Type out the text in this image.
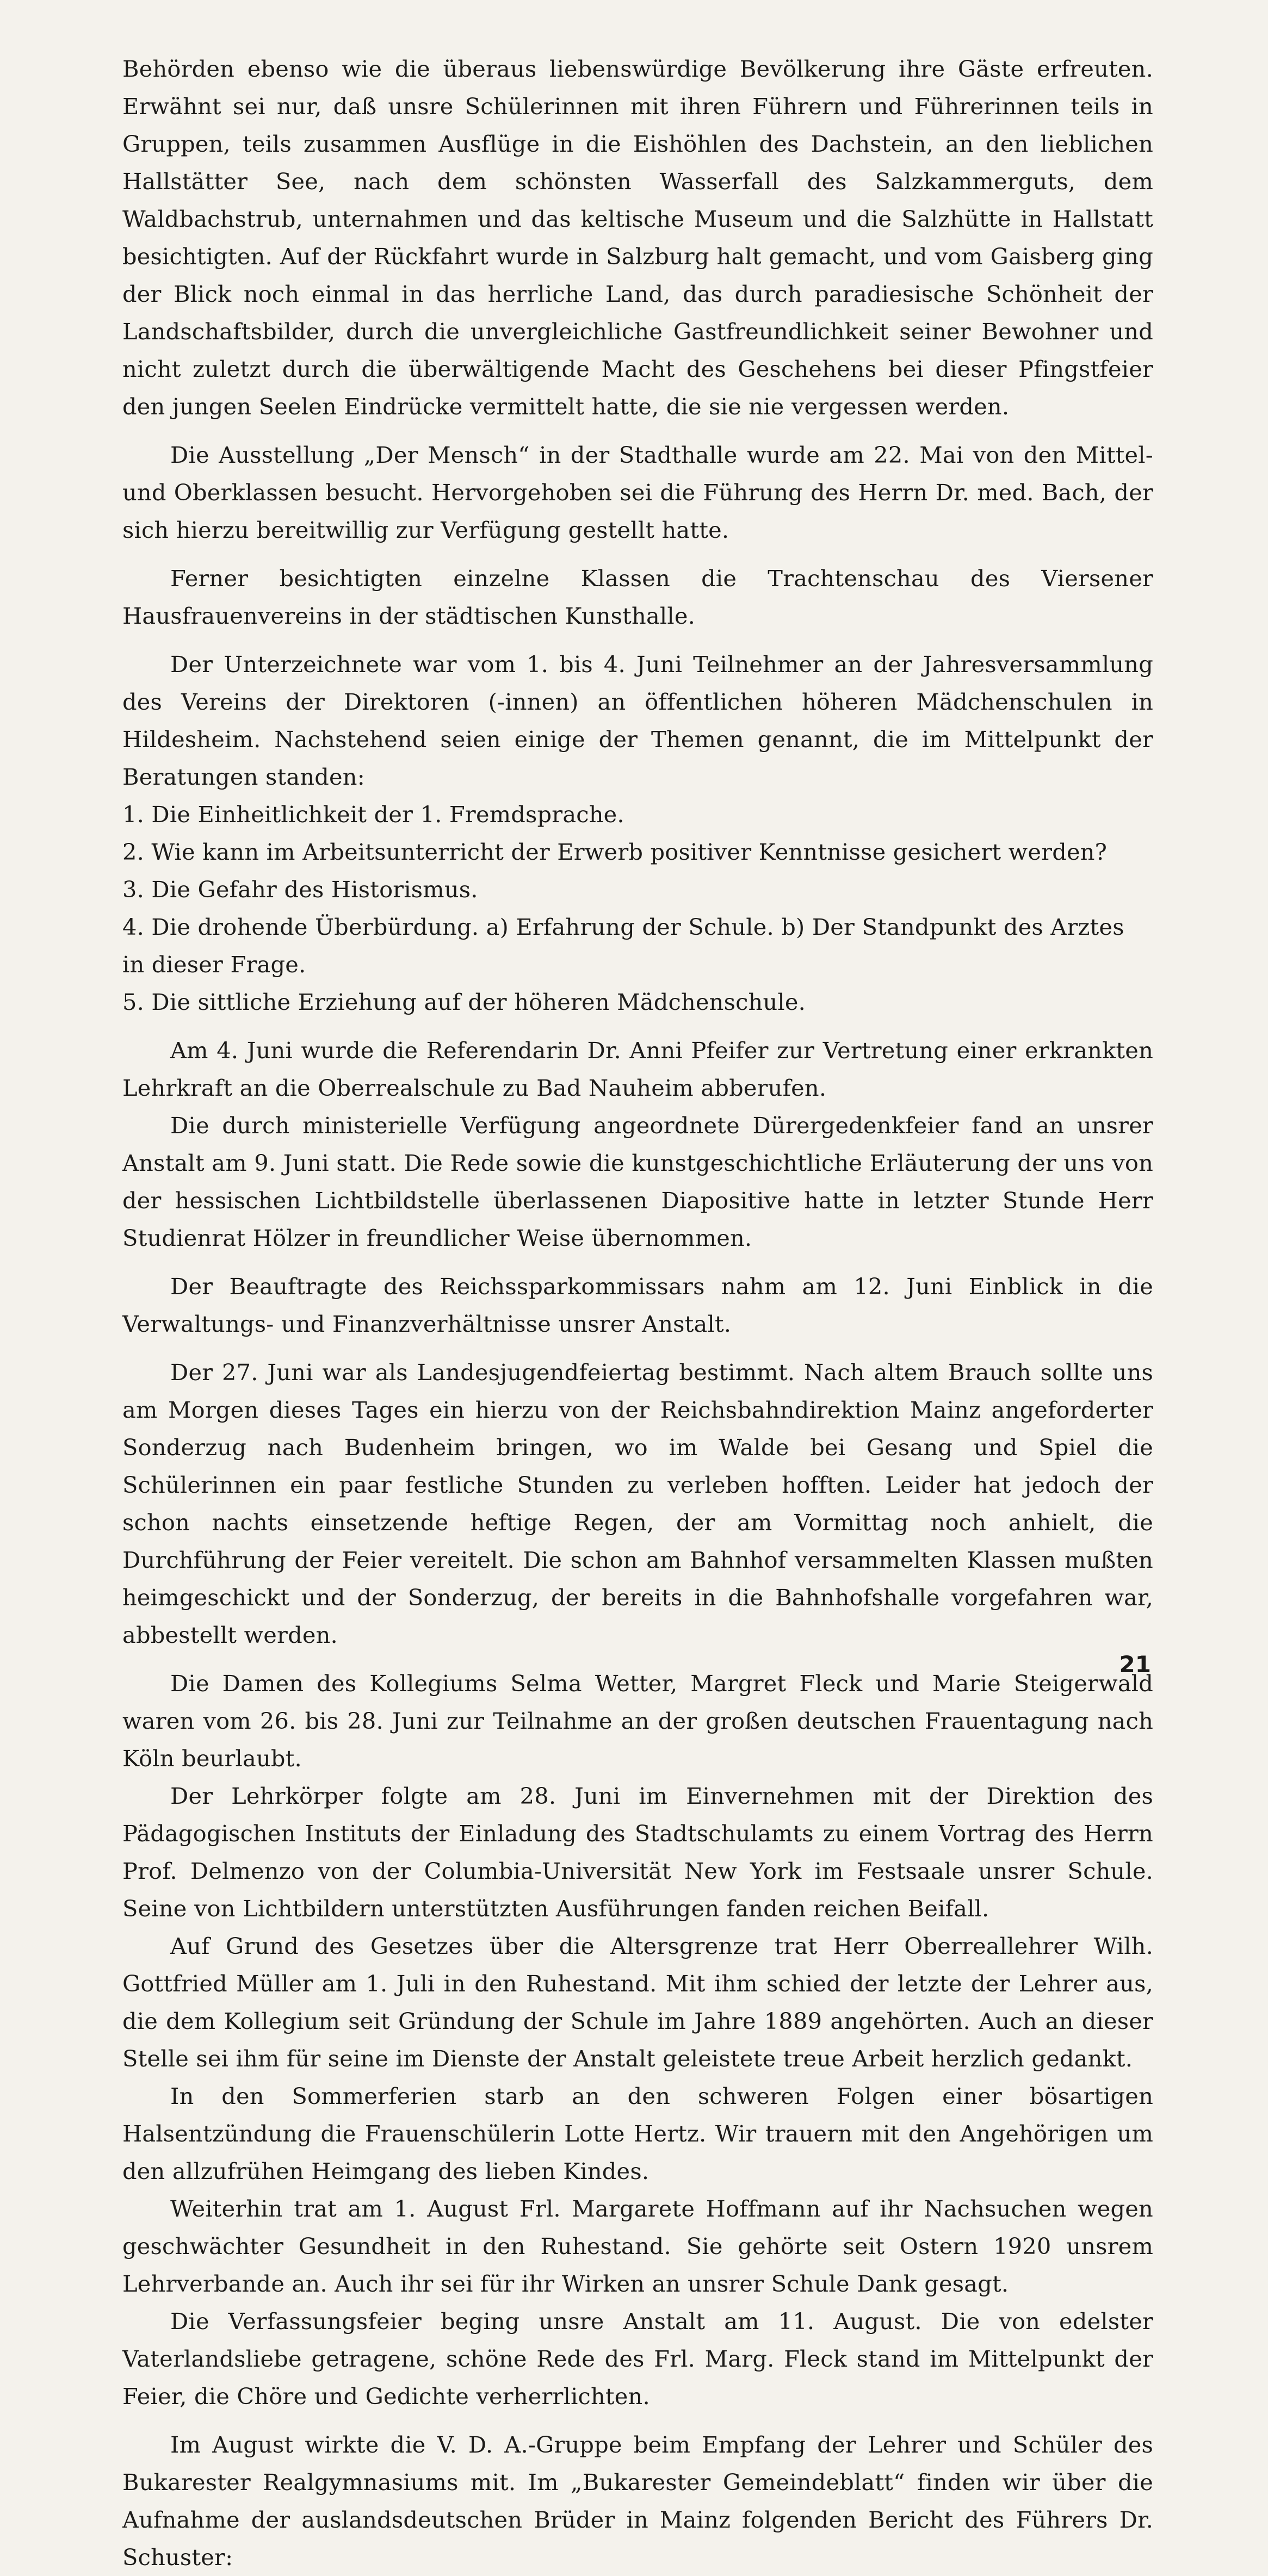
Behörden ebenso wie die überaus liebenswürdige Bevölkerung ihre Gäste erfreuten. Erwähnt sei nur, daß unsre Schülerinnen mit ihren Führern und Führerinnen teils in Gruppen, teils zusammen Ausflüge in die Eishöhlen des Dachstein, an den lieblichen Hallstätter See, nach dem schönsten Wasserfall des Salzkammerguts, dem Waldbachstrub, unternahmen und das keltische Museum und die Salzhütte in Hallstatt besichtigten. Auf der Rückfahrt wurde in Salzburg halt gemacht, und vom Gaisberg ging der Blick noch einmal in das herrliche Land, das durch paradiesische Schönheit der Landschaftsbilder, durch die unvergleichliche Gastfreundlichkeit seiner Bewohner und nicht zuletzt durch die überwältigende Macht des Geschehens bei dieser Pfingstfeier den jungen Seelen Eindrücke vermittelt hatte, die sie nie vergessen werden.

Die Ausstellung „Der Mensch“ in der Stadthalle wurde am 22. Mai von den Mittel- und Oberklassen besucht. Hervorgehoben sei die Führung des Herrn Dr. med. Bach, der sich hierzu bereitwillig zur Verfügung gestellt hatte.

Ferner besichtigten einzelne Klassen die Trachtenschau des Viersener Hausfrauenvereins in der städtischen Kunsthalle.

Der Unterzeichnete war vom 1. bis 4. Juni Teilnehmer an der Jahresversammlung des Vereins der Direktoren (-innen) an öffentlichen höheren Mädchenschulen in Hildesheim. Nachstehend seien einige der Themen genannt, die im Mittelpunkt der Beratungen standen:

1. Die Einheitlichkeit der 1. Fremdsprache.
2. Wie kann im Arbeitsunterricht der Erwerb positiver Kenntnisse gesichert werden?
3. Die Gefahr des Historismus.
4. Die drohende Überbürdung. a) Erfahrung der Schule. b) Der Standpunkt des Arztes in dieser Frage.
5. Die sittliche Erziehung auf der höheren Mädchenschule.

Am 4. Juni wurde die Referendarin Dr. Anni Pfeifer zur Vertretung einer erkrankten Lehrkraft an die Oberrealschule zu Bad Nauheim abberufen.

Die durch ministerielle Verfügung angeordnete Dürergedenkfeier fand an unsrer Anstalt am 9. Juni statt. Die Rede sowie die kunstgeschichtliche Erläuterung der uns von der hessischen Lichtbildstelle überlassenen Diapositive hatte in letzter Stunde Herr Studienrat Hölzer in freundlicher Weise übernommen.

Der Beauftragte des Reichssparkommissars nahm am 12. Juni Einblick in die Verwaltungs- und Finanzverhältnisse unsrer Anstalt.

Der 27. Juni war als Landesjugendfeiertag bestimmt. Nach altem Brauch sollte uns am Morgen dieses Tages ein hierzu von der Reichsbahndirektion Mainz angeforderter Sonderzug nach Budenheim bringen, wo im Walde bei Gesang und Spiel die Schülerinnen ein paar festliche Stunden zu verleben hofften. Leider hat jedoch der schon nachts einsetzende heftige Regen, der am Vormittag noch anhielt, die Durchführung der Feier vereitelt. Die schon am Bahnhof versammelten Klassen mußten heimgeschickt und der Sonderzug, der bereits in die Bahnhofshalle vorgefahren war, abbestellt werden.

Die Damen des Kollegiums Selma Wetter, Margret Fleck und Marie Steigerwald waren vom 26. bis 28. Juni zur Teilnahme an der großen deutschen Frauentagung nach Köln beurlaubt.

Der Lehrkörper folgte am 28. Juni im Einvernehmen mit der Direktion des Pädagogischen Instituts der Einladung des Stadtschulamts zu einem Vortrag des Herrn Prof. Delmenzo von der Columbia-Universität New York im Festsaale unsrer Schule. Seine von Lichtbildern unterstützten Ausführungen fanden reichen Beifall.

Auf Grund des Gesetzes über die Altersgrenze trat Herr Oberreallehrer Wilh. Gottfried Müller am 1. Juli in den Ruhestand. Mit ihm schied der letzte der Lehrer aus, die dem Kollegium seit Gründung der Schule im Jahre 1889 angehörten. Auch an dieser Stelle sei ihm für seine im Dienste der Anstalt geleistete treue Arbeit herzlich gedankt.

In den Sommerferien starb an den schweren Folgen einer bösartigen Halsentzündung die Frauenschülerin Lotte Hertz. Wir trauern mit den Angehörigen um den allzufrühen Heimgang des lieben Kindes.

Weiterhin trat am 1. August Frl. Margarete Hoffmann auf ihr Nachsuchen wegen geschwächter Gesundheit in den Ruhestand. Sie gehörte seit Ostern 1920 unsrem Lehrverbande an. Auch ihr sei für ihr Wirken an unsrer Schule Dank gesagt.

Die Verfassungsfeier beging unsre Anstalt am 11. August. Die von edelster Vaterlandsliebe getragene, schöne Rede des Frl. Marg. Fleck stand im Mittelpunkt der Feier, die Chöre und Gedichte verherrlichten.

Im August wirkte die V. D. A.-Gruppe beim Empfang der Lehrer und Schüler des Bukarester Realgymnasiums mit. Im „Bukarester Gemeindeblatt“ finden wir über die Aufnahme der auslandsdeutschen Brüder in Mainz folgenden Bericht des Führers Dr. Schuster:

21
